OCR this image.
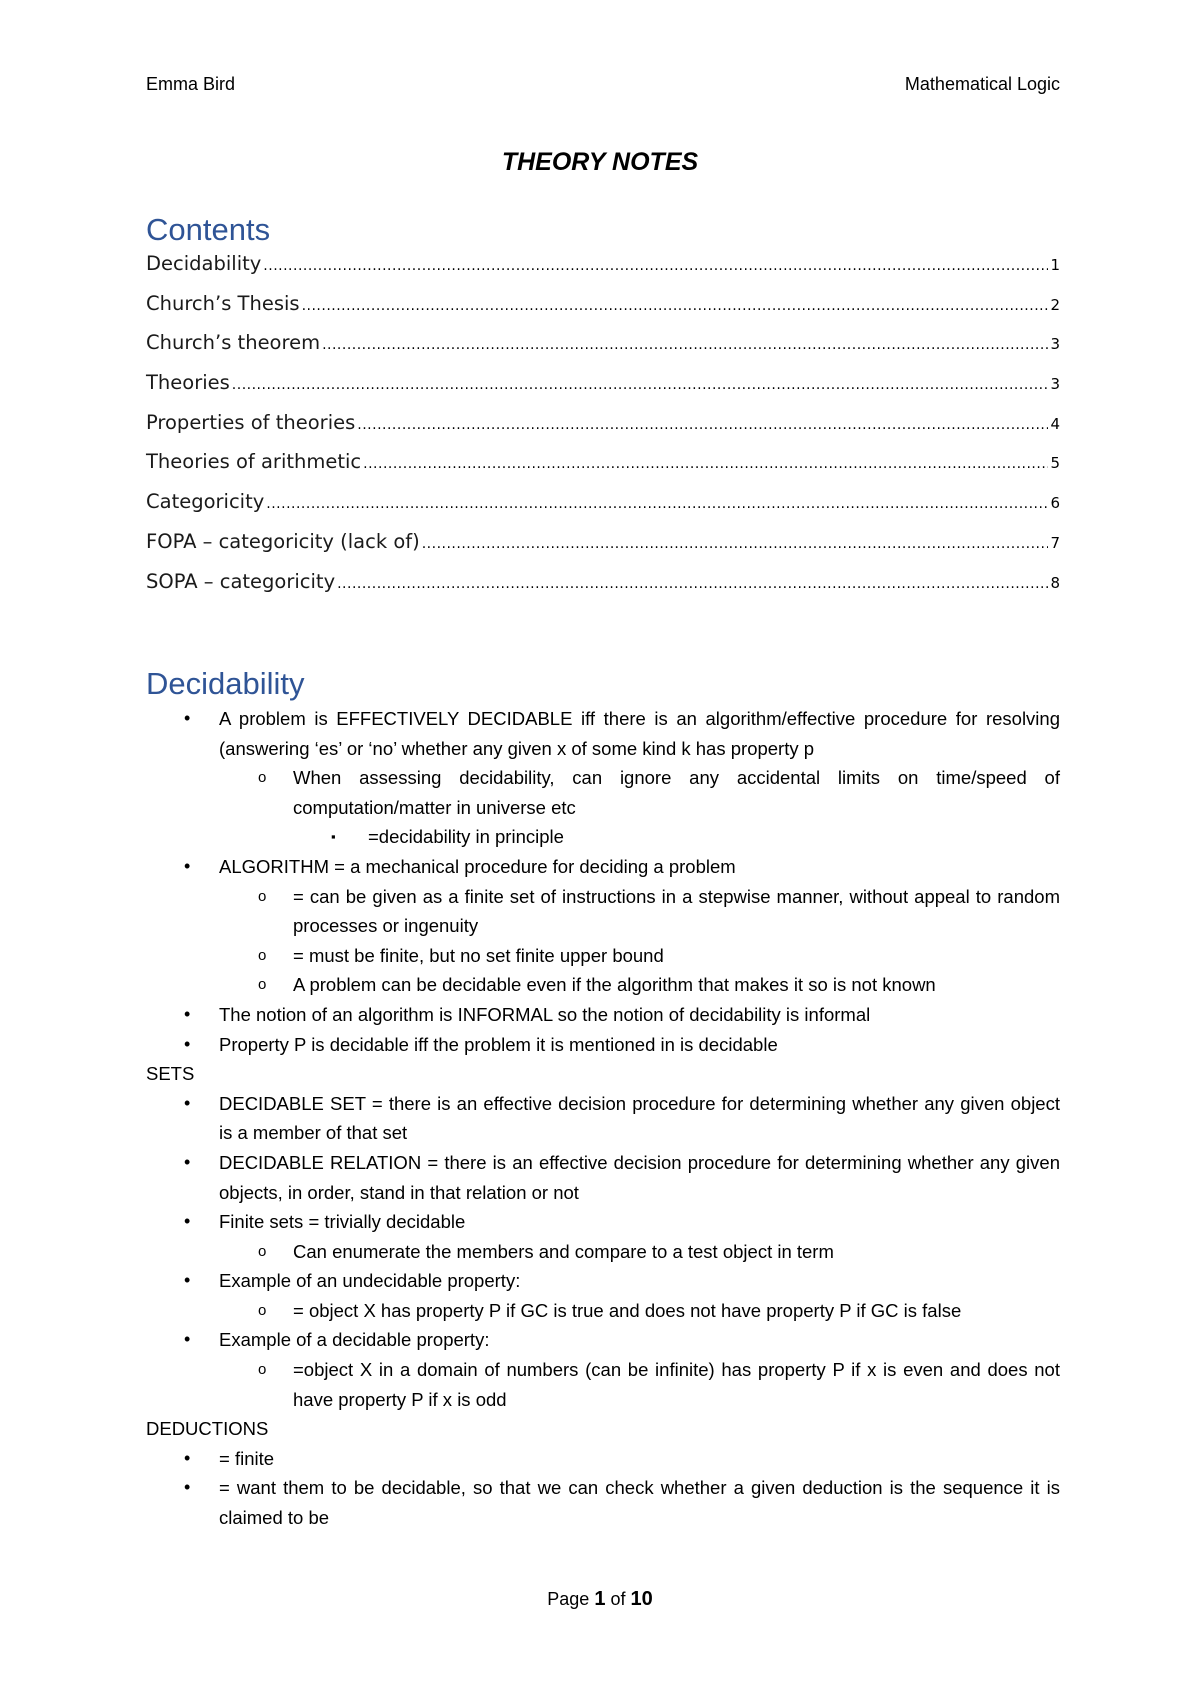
Emma Bird	Mathematical Logic
THEORY NOTES
Contents
Decidability .....	1
Church’s Thesis .....	2
Church’s theorem .....	3
Theories .....	3
Properties of theories .....	4
Theories of arithmetic .....	5
Categoricity .....	6
FOPA – categoricity (lack of) .....	7
SOPA – categoricity .....	8
Decidability
• A problem is EFFECTIVELY DECIDABLE iff there is an algorithm/effective procedure for resolving (answering ‘es’ or ‘no’ whether any given x of some kind k has property p
o When assessing decidability, can ignore any accidental limits on time/speed of computation/matter in universe etc
▪ =decidability in principle
• ALGORITHM = a mechanical procedure for deciding a problem
o = can be given as a finite set of instructions in a stepwise manner, without appeal to random processes or ingenuity
o = must be finite, but no set finite upper bound
o A problem can be decidable even if the algorithm that makes it so is not known
• The notion of an algorithm is INFORMAL so the notion of decidability is informal
• Property P is decidable iff the problem it is mentioned in is decidable
SETS
• DECIDABLE SET = there is an effective decision procedure for determining whether any given object is a member of that set
• DECIDABLE RELATION = there is an effective decision procedure for determining whether any given objects, in order, stand in that relation or not
• Finite sets = trivially decidable
o Can enumerate the members and compare to a test object in term
• Example of an undecidable property:
o = object X has property P if GC is true and does not have property P if GC is false
• Example of a decidable property:
o =object X in a domain of numbers (can be infinite) has property P if x is even and does not have property P if x is odd
DEDUCTIONS
• = finite
• = want them to be decidable, so that we can check whether a given deduction is the sequence it is claimed to be
Page 1 of 10
